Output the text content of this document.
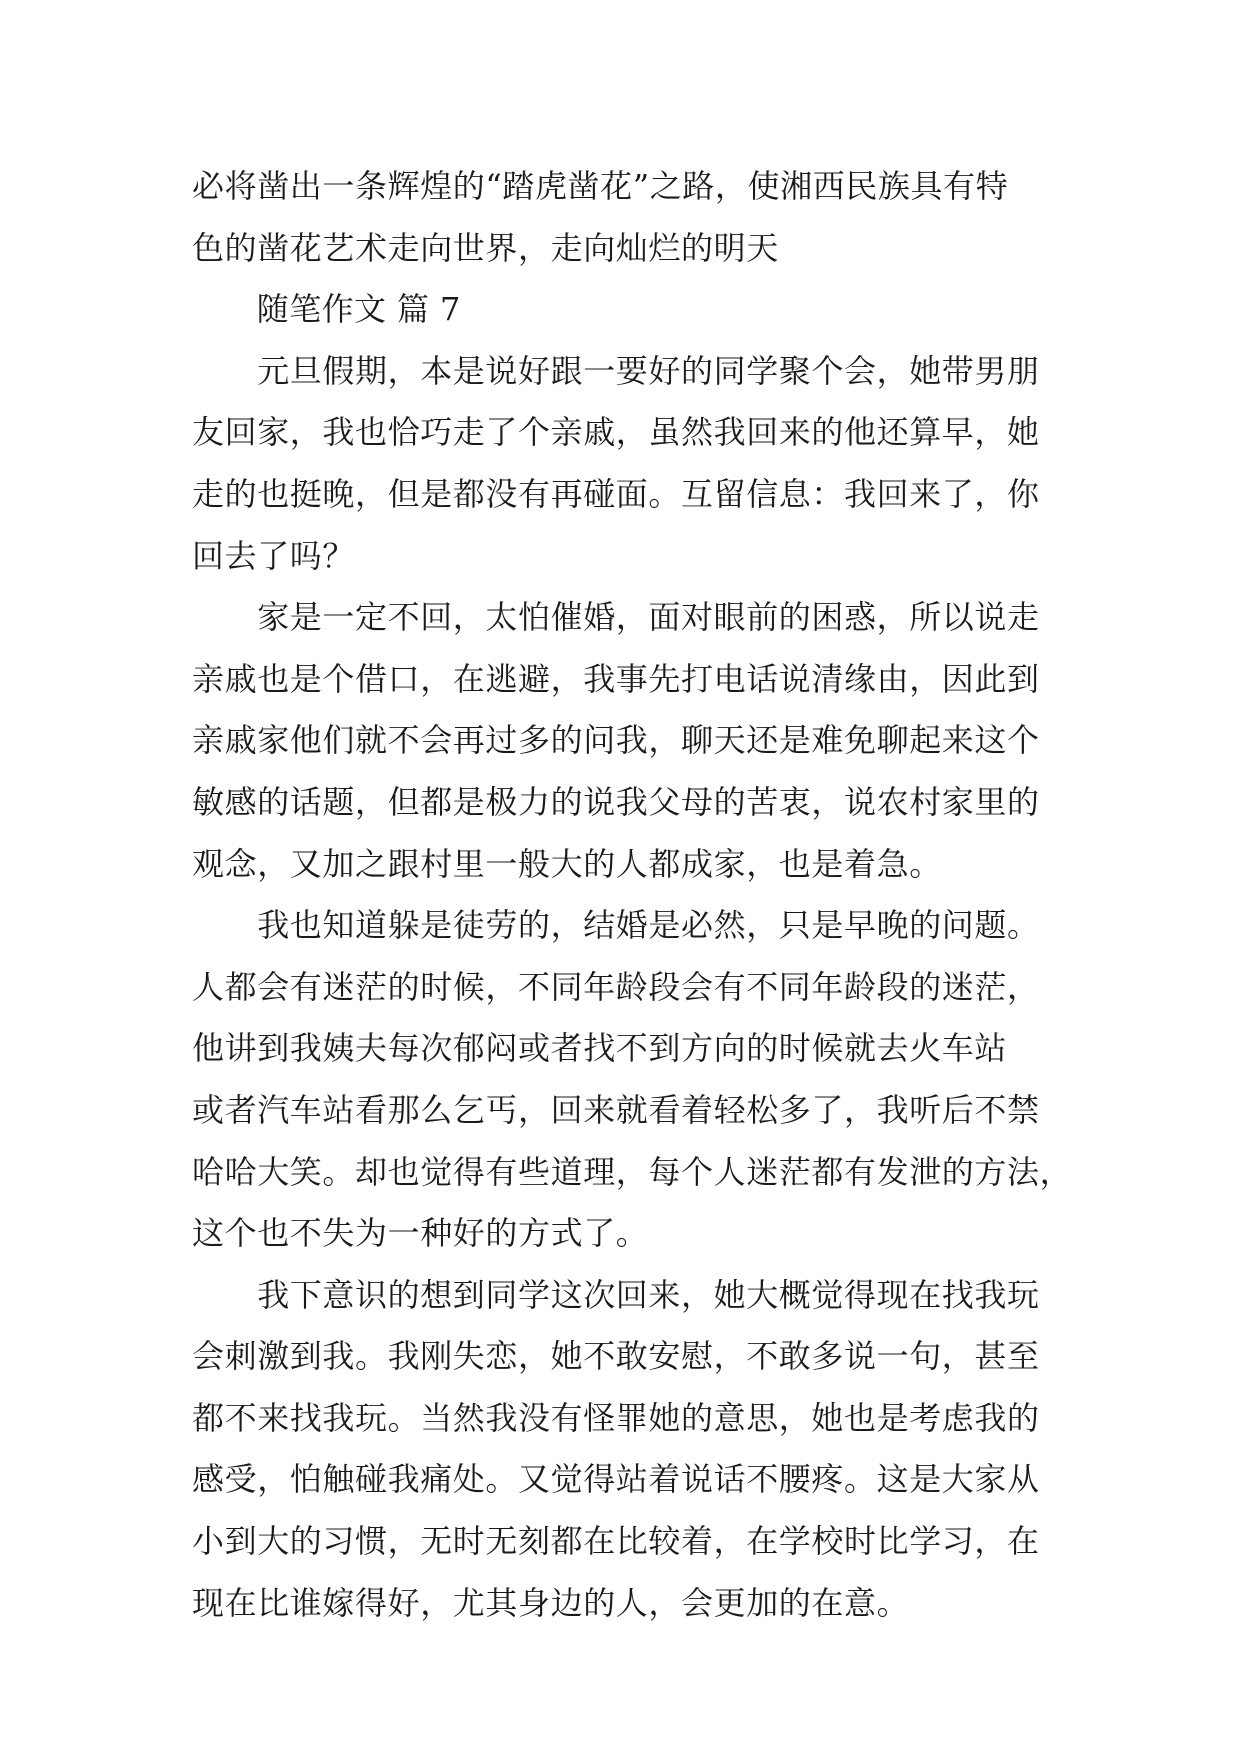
必将凿出一条辉煌的“踏虎凿花”之路，使湘西民族具有特
色的凿花艺术走向世界，走向灿烂的明天
　　随笔作文 篇 7
　　元旦假期，本是说好跟一要好的同学聚个会，她带男朋
友回家，我也恰巧走了个亲戚，虽然我回来的他还算早，她
走的也挺晚，但是都没有再碰面。互留信息：我回来了，你
回去了吗？
　　家是一定不回，太怕催婚，面对眼前的困惑，所以说走
亲戚也是个借口，在逃避，我事先打电话说清缘由，因此到
亲戚家他们就不会再过多的问我，聊天还是难免聊起来这个
敏感的话题，但都是极力的说我父母的苦衷，说农村家里的
观念，又加之跟村里一般大的人都成家，也是着急。
　　我也知道躲是徒劳的，结婚是必然，只是早晚的问题。
人都会有迷茫的时候，不同年龄段会有不同年龄段的迷茫，
他讲到我姨夫每次郁闷或者找不到方向的时候就去火车站
或者汽车站看那么乞丐，回来就看着轻松多了，我听后不禁
哈哈大笑。却也觉得有些道理，每个人迷茫都有发泄的方法，
这个也不失为一种好的方式了。
　　我下意识的想到同学这次回来，她大概觉得现在找我玩
会刺激到我。我刚失恋，她不敢安慰，不敢多说一句，甚至
都不来找我玩。当然我没有怪罪她的意思，她也是考虑我的
感受，怕触碰我痛处。又觉得站着说话不腰疼。这是大家从
小到大的习惯，无时无刻都在比较着，在学校时比学习，在
现在比谁嫁得好，尤其身边的人，会更加的在意。
